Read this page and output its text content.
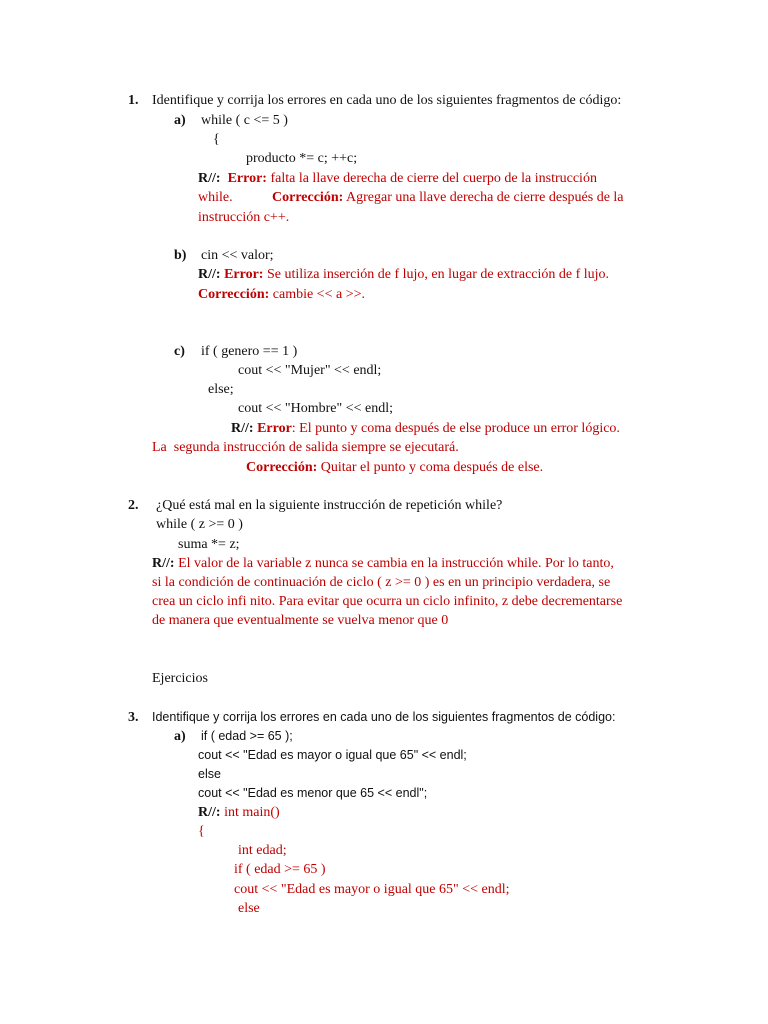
1. Identifique y corrija los errores en cada uno de los siguientes fragmentos de código:
a) while ( c <= 5 )
{
producto *= c; ++c;
R//: Error: falta la llave derecha de cierre del cuerpo de la instrucción
while.	Corrección: Agregar una llave derecha de cierre después de la
instrucción c++.
b) cin << valor;
R//: Error: Se utiliza inserción de f lujo, en lugar de extracción de f lujo.
Corrección: cambie << a >>.
c) if ( genero == 1 )
cout << "Mujer" << endl;
else;
cout << "Hombre" << endl;
R//: Error: El punto y coma después de else produce un error lógico.
La  segunda instrucción de salida siempre se ejecutará.
Corrección: Quitar el punto y coma después de else.
2. ¿Qué está mal en la siguiente instrucción de repetición while?
while ( z >= 0 )
suma *= z;
R//: El valor de la variable z nunca se cambia en la instrucción while. Por lo tanto,
si la condición de continuación de ciclo ( z >= 0 ) es en un principio verdadera, se
crea un ciclo infi nito. Para evitar que ocurra un ciclo infinito, z debe decrementarse
de manera que eventualmente se vuelva menor que 0
Ejercicios
3. Identifique y corrija los errores en cada uno de los siguientes fragmentos de código:
a) if ( edad >= 65 );
cout << "Edad es mayor o igual que 65" << endl;
else
cout << "Edad es menor que 65 << endl";
R//: int main()
{
int edad;
if ( edad >= 65 )
cout << "Edad es mayor o igual que 65" << endl;
else
